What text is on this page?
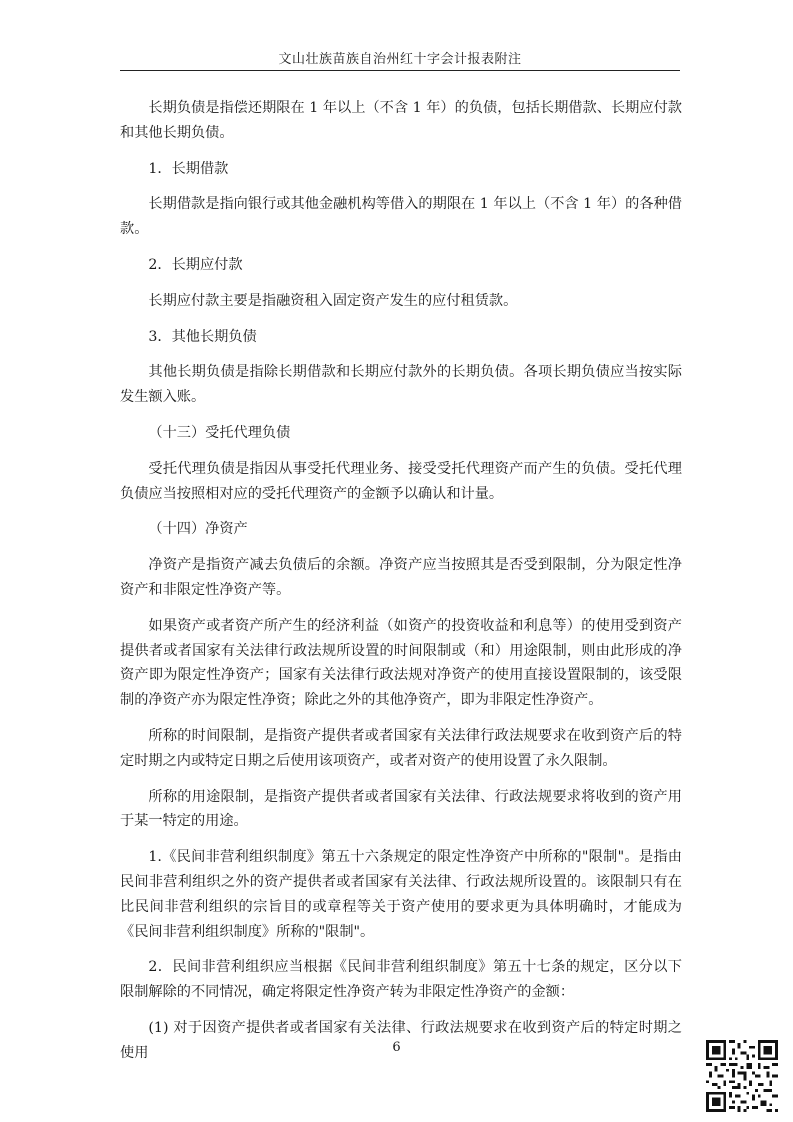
文山壮族苗族自治州红十字会计报表附注

长期负债是指偿还期限在 1 年以上（不含 1 年）的负债，包括长期借款、长期应付款和其他长期负债。

1．长期借款

长期借款是指向银行或其他金融机构等借入的期限在 1 年以上（不含 1 年）的各种借款。

2．长期应付款

长期应付款主要是指融资租入固定资产发生的应付租赁款。

3．其他长期负债

其他长期负债是指除长期借款和长期应付款外的长期负债。各项长期负债应当按实际发生额入账。

（十三）受托代理负债

受托代理负债是指因从事受托代理业务、接受受托代理资产而产生的负债。受托代理负债应当按照相对应的受托代理资产的金额予以确认和计量。

（十四）净资产

净资产是指资产减去负债后的余额。净资产应当按照其是否受到限制，分为限定性净资产和非限定性净资产等。

如果资产或者资产所产生的经济利益（如资产的投资收益和利息等）的使用受到资产提供者或者国家有关法律行政法规所设置的时间限制或（和）用途限制，则由此形成的净资产即为限定性净资产；国家有关法律行政法规对净资产的使用直接设置限制的，该受限制的净资产亦为限定性净资；除此之外的其他净资产，即为非限定性净资产。

所称的时间限制，是指资产提供者或者国家有关法律行政法规要求在收到资产后的特定时期之内或特定日期之后使用该项资产，或者对资产的使用设置了永久限制。

所称的用途限制，是指资产提供者或者国家有关法律、行政法规要求将收到的资产用于某一特定的用途。

1.《民间非营利组织制度》第五十六条规定的限定性净资产中所称的"限制"。是指由民间非营利组织之外的资产提供者或者国家有关法律、行政法规所设置的。该限制只有在比民间非营利组织的宗旨目的或章程等关于资产使用的要求更为具体明确时，才能成为《民间非营利组织制度》所称的"限制"。

2．民间非营利组织应当根据《民间非营利组织制度》第五十七条的规定，区分以下限制解除的不同情况，确定将限定性净资产转为非限定性净资产的金额：

(1) 对于因资产提供者或者国家有关法律、行政法规要求在收到资产后的特定时期之使用	6
